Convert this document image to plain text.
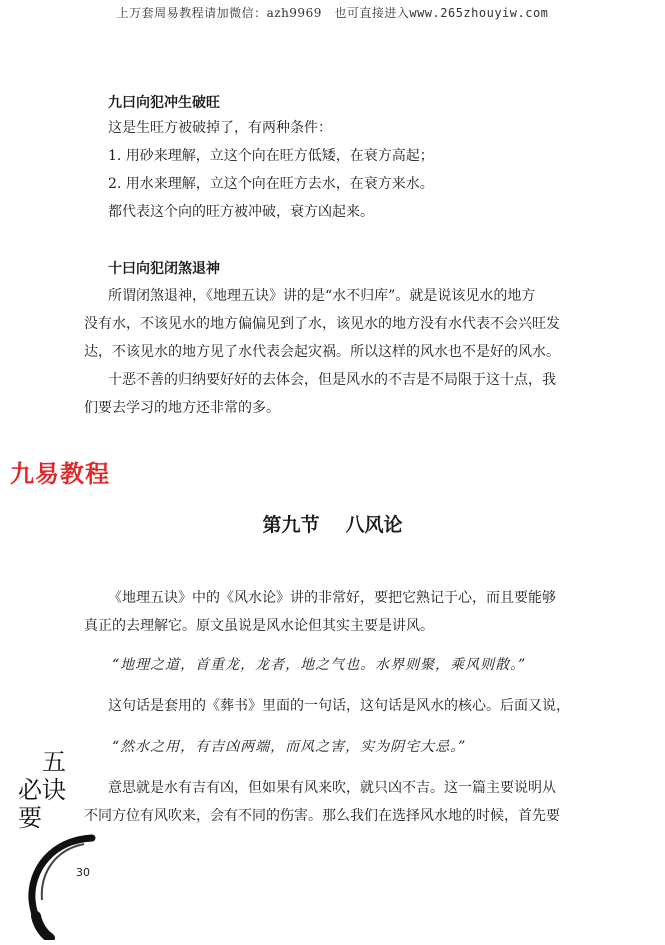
上万套周易教程请加微信：azh9969　也可直接进入www.265zhouyiw.com
九曰向犯冲生破旺
这是生旺方被破掉了，有两种条件：
1. 用砂来理解，立这个向在旺方低矮，在衰方高起；
2. 用水来理解，立这个向在旺方去水，在衰方来水。
都代表这个向的旺方被冲破，衰方凶起来。
十曰向犯闭煞退神
所谓闭煞退神，《地理五诀》讲的是“水不归库”。就是说该见水的地方
没有水，不该见水的地方偏偏见到了水，该见水的地方没有水代表不会兴旺发
达，不该见水的地方见了水代表会起灾祸。所以这样的风水也不是好的风水。
十恶不善的归纳要好好的去体会，但是风水的不吉是不局限于这十点，我
们要去学习的地方还非常的多。
九易教程
第九节 八风论
《地理五诀》中的《风水论》讲的非常好，要把它熟记于心，而且要能够
真正的去理解它。原文虽说是风水论但其实主要是讲风。
“地理之道，首重龙，龙者，地之气也。水界则聚，乘风则散。”
这句话是套用的《葬书》里面的一句话，这句话是风水的核心。后面又说，
“然水之用，有吉凶两端，而风之害，实为阴宅大忌。”
意思就是水有吉有凶，但如果有风来吹，就只凶不吉。这一篇主要说明从
不同方位有风吹来，会有不同的伤害。那么我们在选择风水地的时候，首先要
五
诀
必
要
30
